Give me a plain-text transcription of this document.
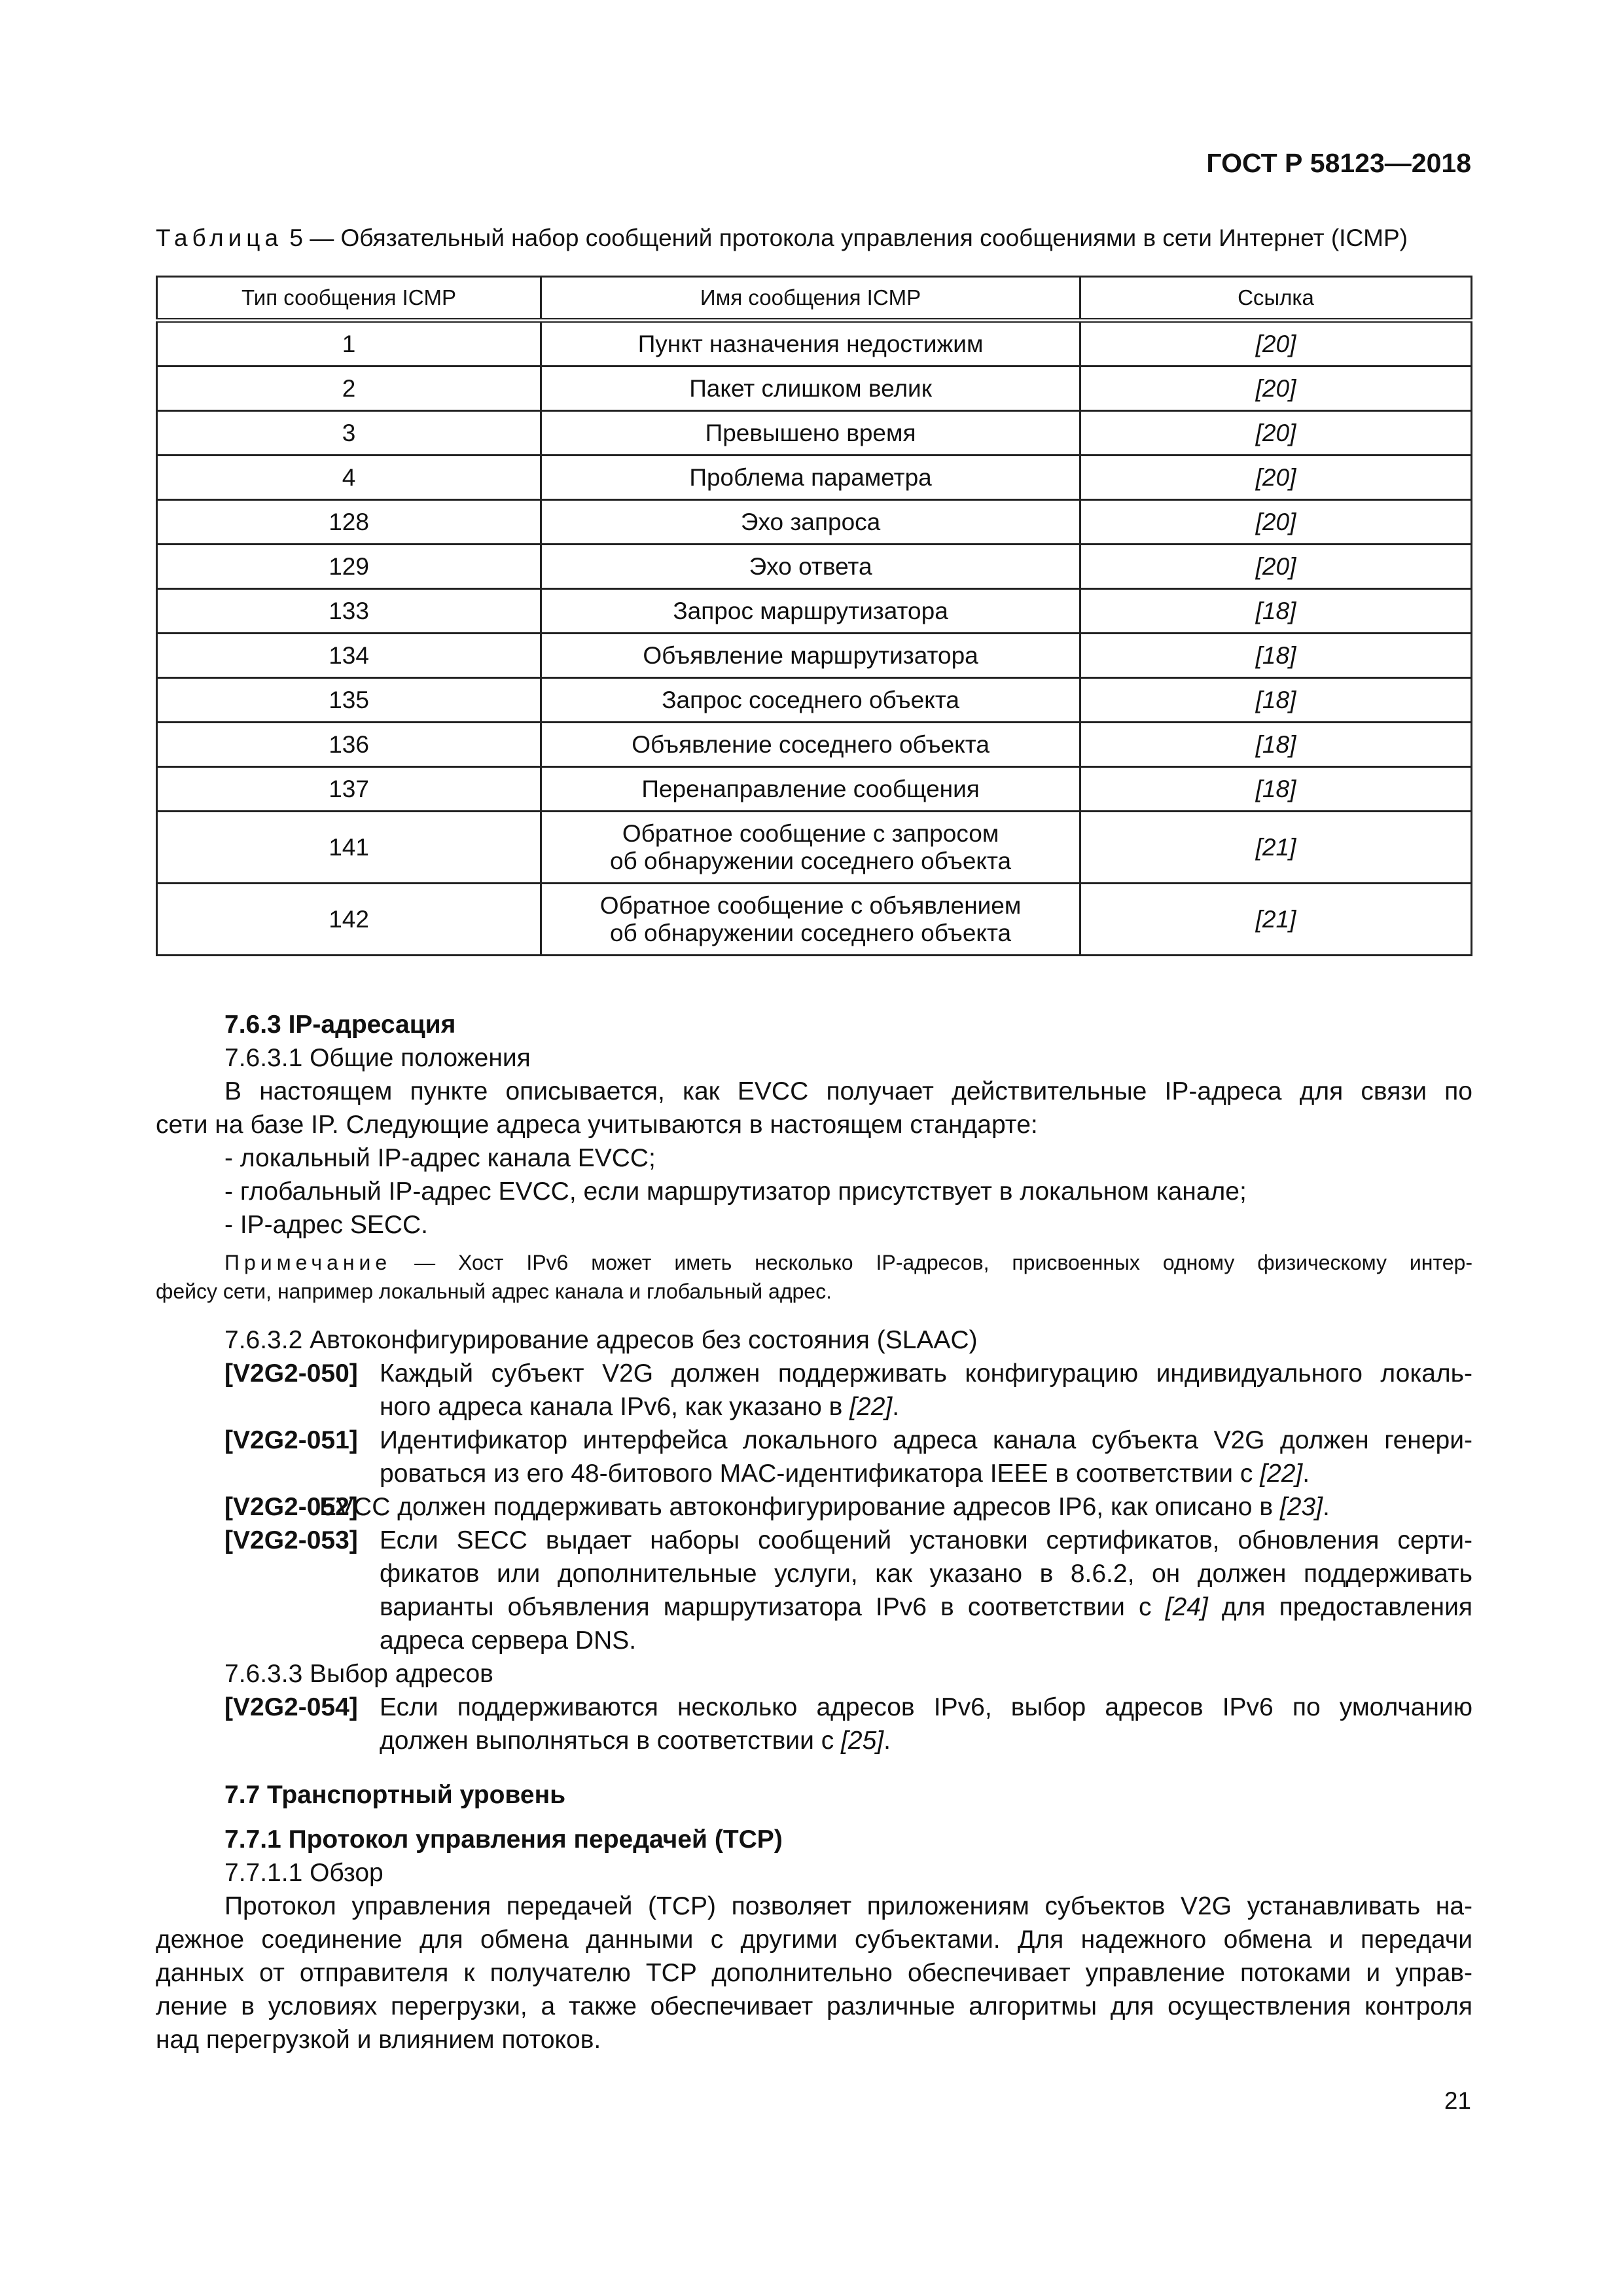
ГОСТ Р 58123—2018
Таблица 5 — Обязательный набор сообщений протокола управления сообщениями в сети Интернет (ICMP)
Тип сообщения ICMP	Имя сообщения ICMP	Ссылка
1	Пункт назначения недостижим	[20]
2	Пакет слишком велик	[20]
3	Превышено время	[20]
4	Проблема параметра	[20]
128	Эхо запроса	[20]
129	Эхо ответа	[20]
133	Запрос маршрутизатора	[18]
134	Объявление маршрутизатора	[18]
135	Запрос соседнего объекта	[18]
136	Объявление соседнего объекта	[18]
137	Перенаправление сообщения	[18]
141	Обратное сообщение с запросом
об обнаружении соседнего объекта	[21]
142	Обратное сообщение с объявлением
об обнаружении соседнего объекта	[21]
7.6.3 IP-адресация
7.6.3.1 Общие положения
В настоящем пункте описывается, как EVCC получает действительные IP-адреса для связи по
сети на базе IP. Следующие адреса учитываются в настоящем стандарте:
- локальный IP-адрес канала EVCC;
- глобальный IP-адрес EVCC, если маршрутизатор присутствует в локальном канале;
- IP-адрес SECC.
Примечание — Хост IPv6 может иметь несколько IP-адресов, присвоенных одному физическому интер-
фейсу сети, например локальный адрес канала и глобальный адрес.
7.6.3.2 Автоконфигурирование адресов без состояния (SLAAC)
[V2G2-050] Каждый субъект V2G должен поддерживать конфигурацию индивидуального локаль-
ного адреса канала IPv6, как указано в [22].
[V2G2-051] Идентификатор интерфейса локального адреса канала субъекта V2G должен генери-
роваться из его 48-битового MAC-идентификатора IEEE в соответствии с [22].
[V2G2-052]
EVCC должен поддерживать автоконфигурирование адресов IP6, как описано в [23].
[V2G2-053] Если SECC выдает наборы сообщений установки сертификатов, обновления серти-
фикатов или дополнительные услуги, как указано в 8.6.2, он должен поддерживать
варианты объявления маршрутизатора IPv6 в соответствии с [24] для предоставления
адреса сервера DNS.
7.6.3.3 Выбор адресов
[V2G2-054] Если поддерживаются несколько адресов IPv6, выбор адресов IPv6 по умолчанию
должен выполняться в соответствии с [25].
7.7 Транспортный уровень
7.7.1 Протокол управления передачей (TCP)
7.7.1.1 Обзор
Протокол управления передачей (TCP) позволяет приложениям субъектов V2G устанавливать на-
дежное соединение для обмена данными с другими субъектами. Для надежного обмена и передачи
данных от отправителя к получателю TCP дополнительно обеспечивает управление потоками и управ-
ление в условиях перегрузки, а также обеспечивает различные алгоритмы для осуществления контроля
над перегрузкой и влиянием потоков.
21
